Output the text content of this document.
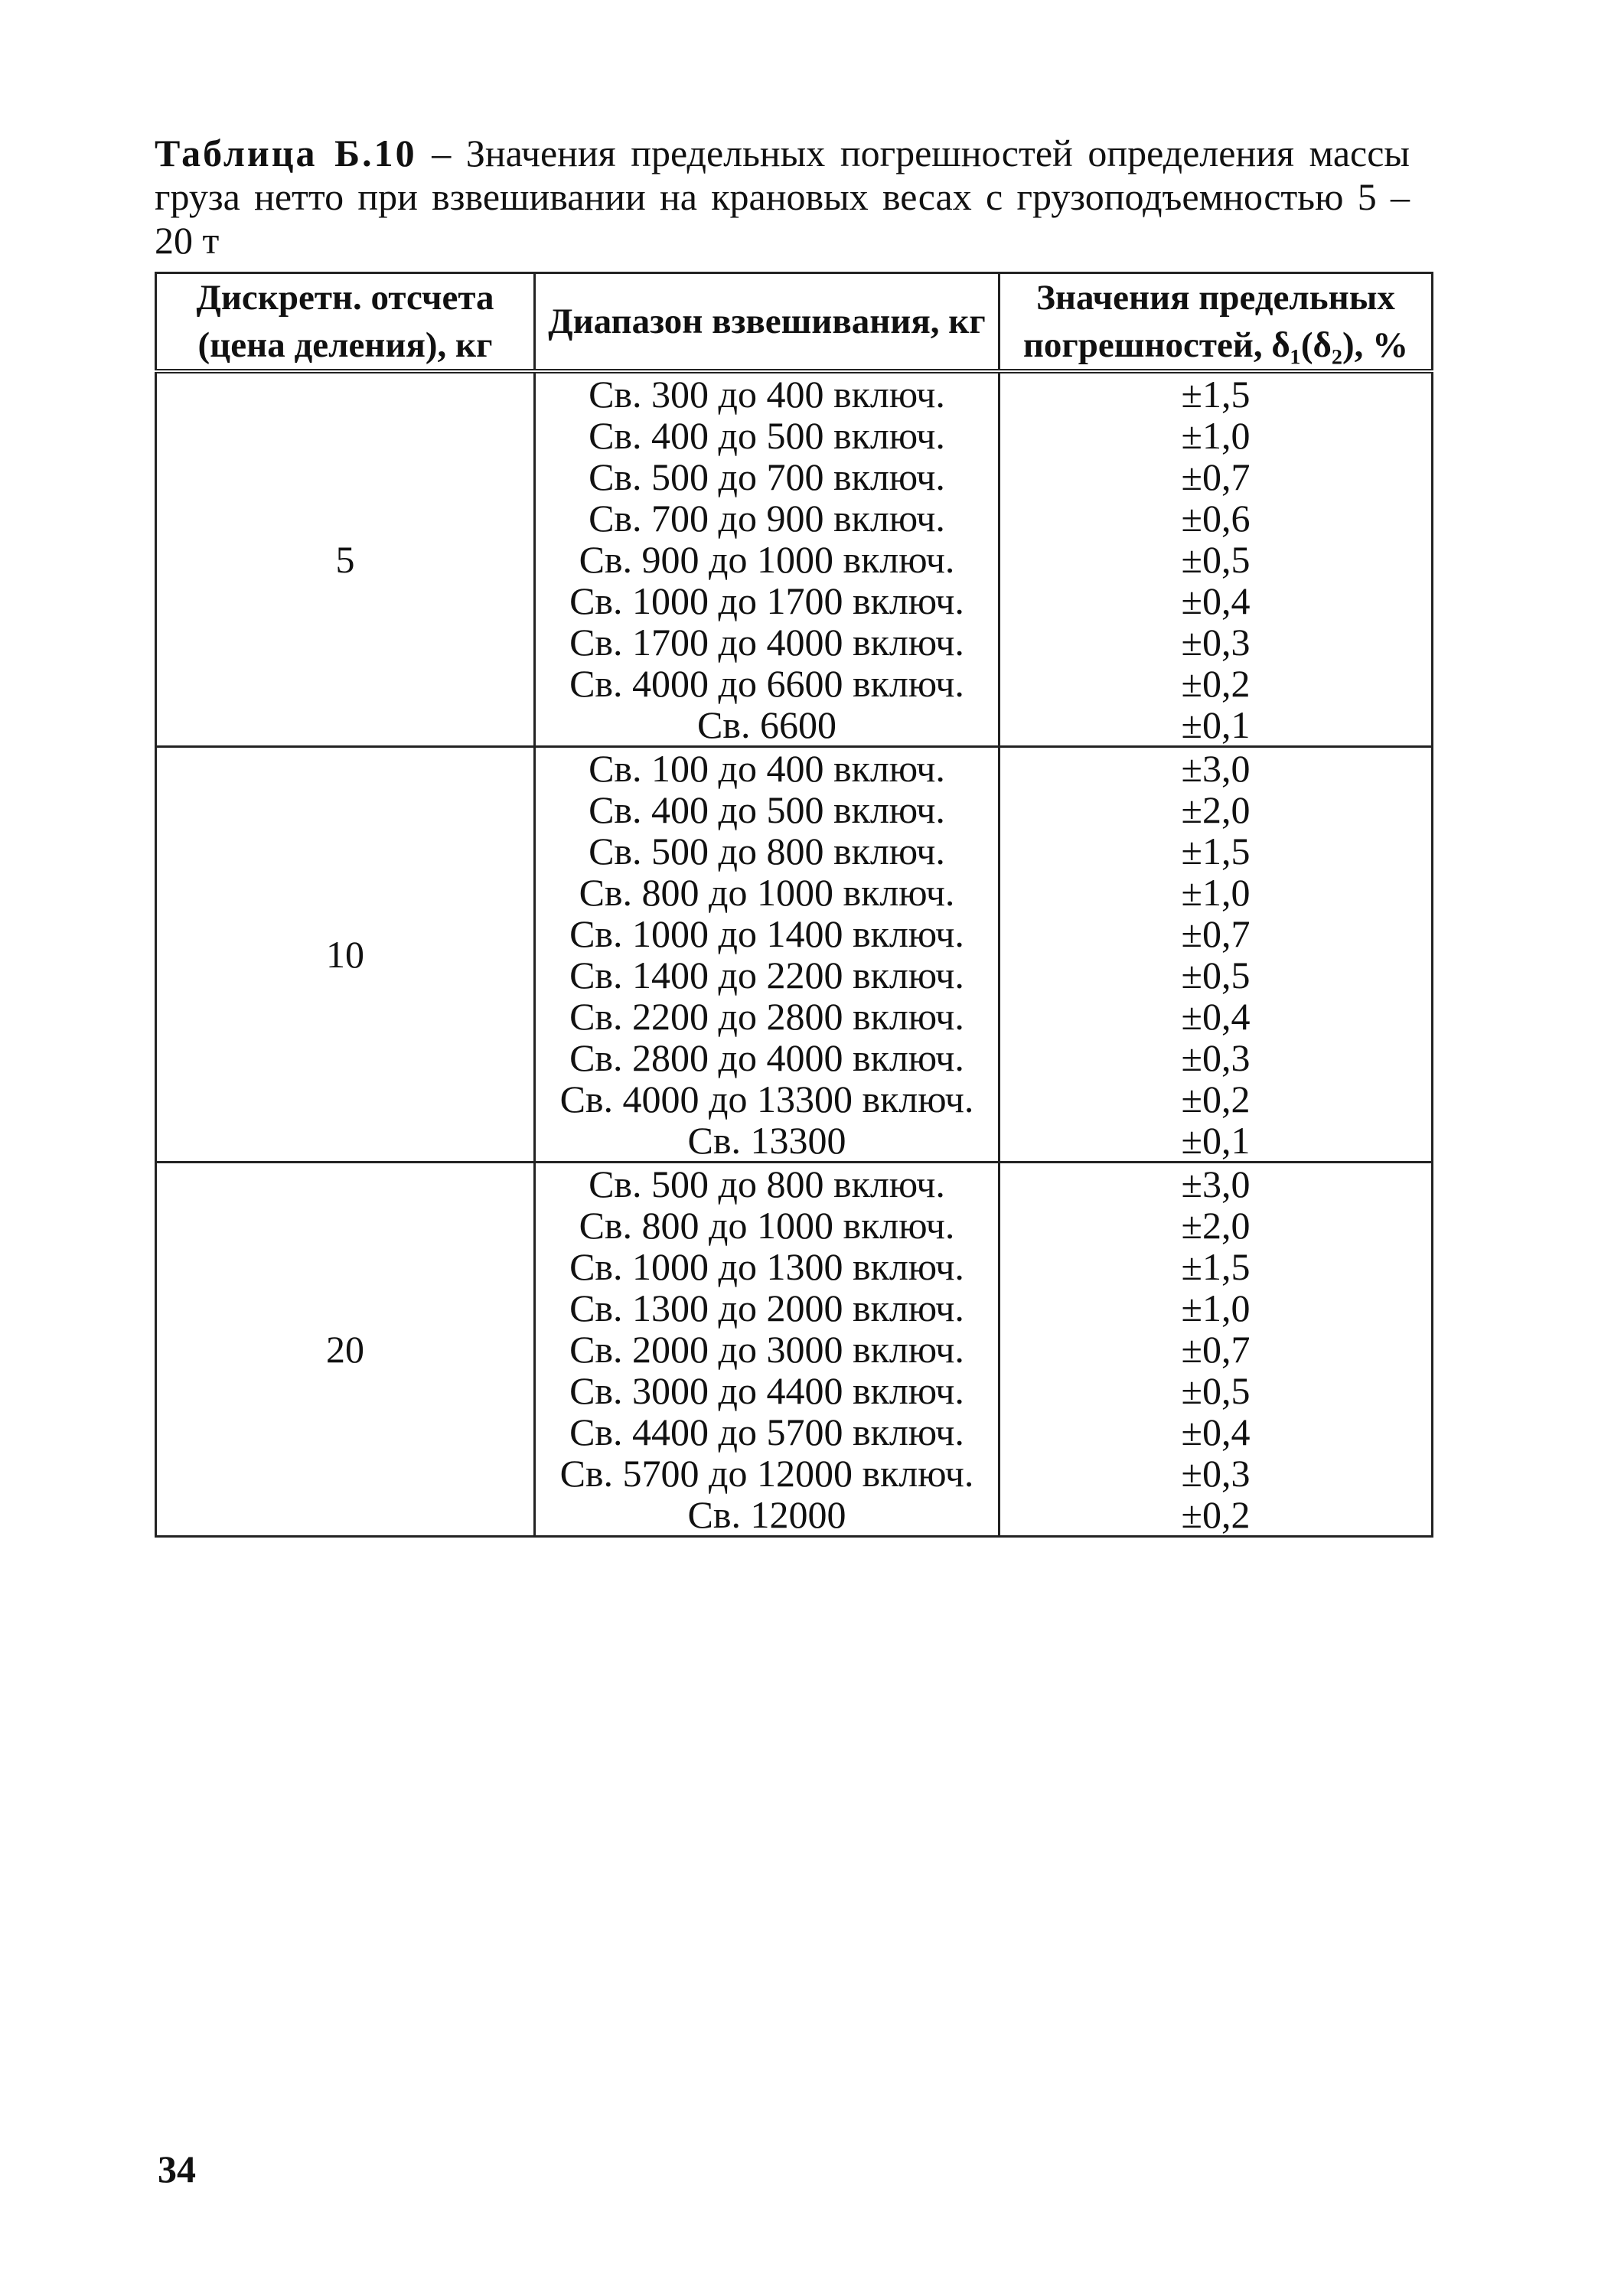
Таблица Б.10 – Значения предельных погрешностей определения массы груза нетто при взвешивании на крановых весах с грузоподъемностью 5 – 20 т
Дискретн. отсчета (цена деления), кг	Диапазон взвешивания, кг	Значения предельных погрешностей, δ₁(δ₂), %
5	Св. 300 до 400 включ.	±1,5
	Св. 400 до 500 включ.	±1,0
	Св. 500 до 700 включ.	±0,7
	Св. 700 до 900 включ.	±0,6
	Св. 900 до 1000 включ.	±0,5
	Св. 1000 до 1700 включ.	±0,4
	Св. 1700 до 4000 включ.	±0,3
	Св. 4000 до 6600 включ.	±0,2
	Св. 6600	±0,1
10	Св. 100 до 400 включ.	±3,0
	Св. 400 до 500 включ.	±2,0
	Св. 500 до 800 включ.	±1,5
	Св. 800 до 1000 включ.	±1,0
	Св. 1000 до 1400 включ.	±0,7
	Св. 1400 до 2200 включ.	±0,5
	Св. 2200 до 2800 включ.	±0,4
	Св. 2800 до 4000 включ.	±0,3
	Св. 4000 до 13300 включ.	±0,2
	Св. 13300	±0,1
20	Св. 500 до 800 включ.	±3,0
	Св. 800 до 1000 включ.	±2,0
	Св. 1000 до 1300 включ.	±1,5
	Св. 1300 до 2000 включ.	±1,0
	Св. 2000 до 3000 включ.	±0,7
	Св. 3000 до 4400 включ.	±0,5
	Св. 4400 до 5700 включ.	±0,4
	Св. 5700 до 12000 включ.	±0,3
	Св. 12000	±0,2
34
